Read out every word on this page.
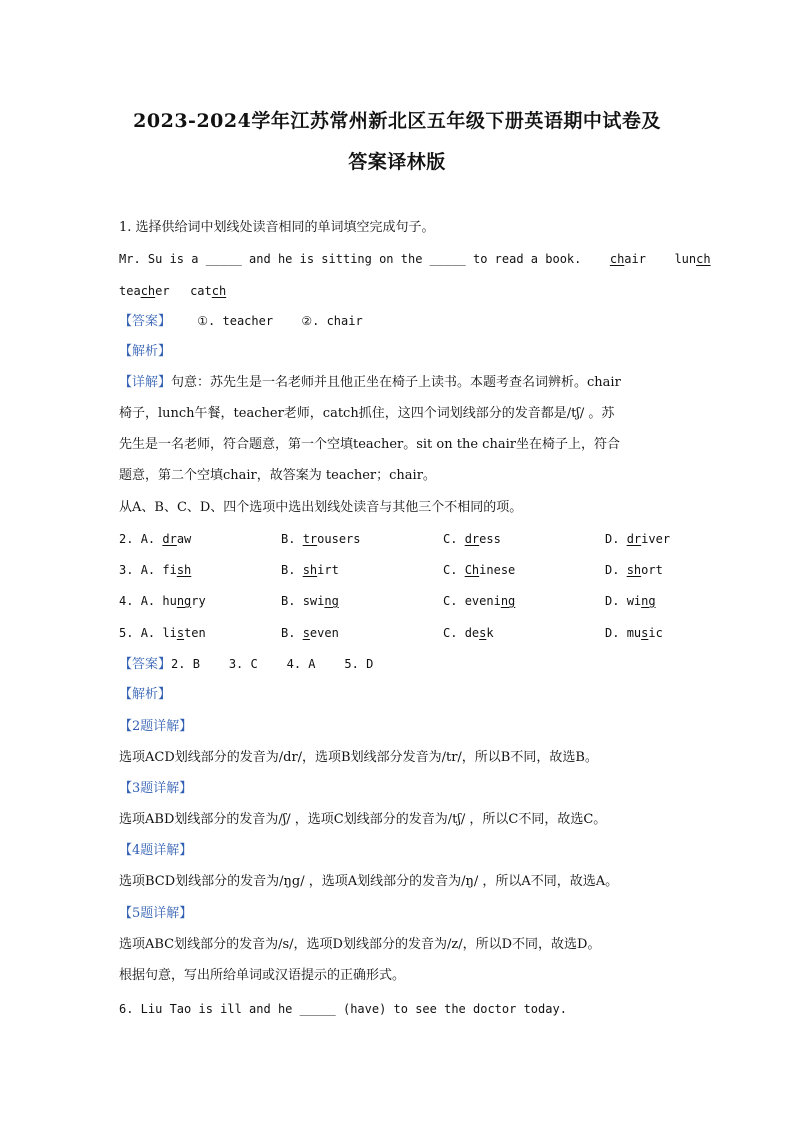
2023-2024学年江苏常州新北区五年级下册英语期中试卷及
答案译林版
1. 选择供给词中划线处读音相同的单词填空完成句子。
Mr. Su is a _____ and he is sitting on the _____ to read a book. chair lunch
teacher catch
【答案】 ①. teacher ②. chair
【解析】
【详解】句意：苏先生是一名老师并且他正坐在椅子上读书。本题考查名词辨析。chair
椅子，lunch午餐，teacher老师，catch抓住，这四个词划线部分的发音都是/tʃ/ 。苏
先生是一名老师，符合题意，第一个空填teacher。sit on the chair坐在椅子上，符合
题意，第二个空填chair，故答案为 teacher；chair。
从A、B、C、D、四个选项中选出划线处读音与其他三个不相同的项。
2. A. draw	B. trousers	C. dress	D. driver
3. A. fish	B. shirt	C. Chinese	D. short
4. A. hungry	B. swing	C. evening	D. wing
5. A. listen	B. seven	C. desk	D. music
【答案】2. B    3. C    4. A    5. D
【解析】
【2题详解】
选项ACD划线部分的发音为/dr/，选项B划线部分发音为/tr/，所以B不同，故选B。
【3题详解】
选项ABD划线部分的发音为/ʃ/ ，选项C划线部分的发音为/tʃ/ ，所以C不同，故选C。
【4题详解】
选项BCD划线部分的发音为/ŋg/ ，选项A划线部分的发音为/ŋ/ ，所以A不同，故选A。
【5题详解】
选项ABC划线部分的发音为/s/，选项D划线部分的发音为/z/，所以D不同，故选D。
根据句意，写出所给单词或汉语提示的正确形式。
6. Liu Tao is ill and he _____ (have) to see the doctor today.
